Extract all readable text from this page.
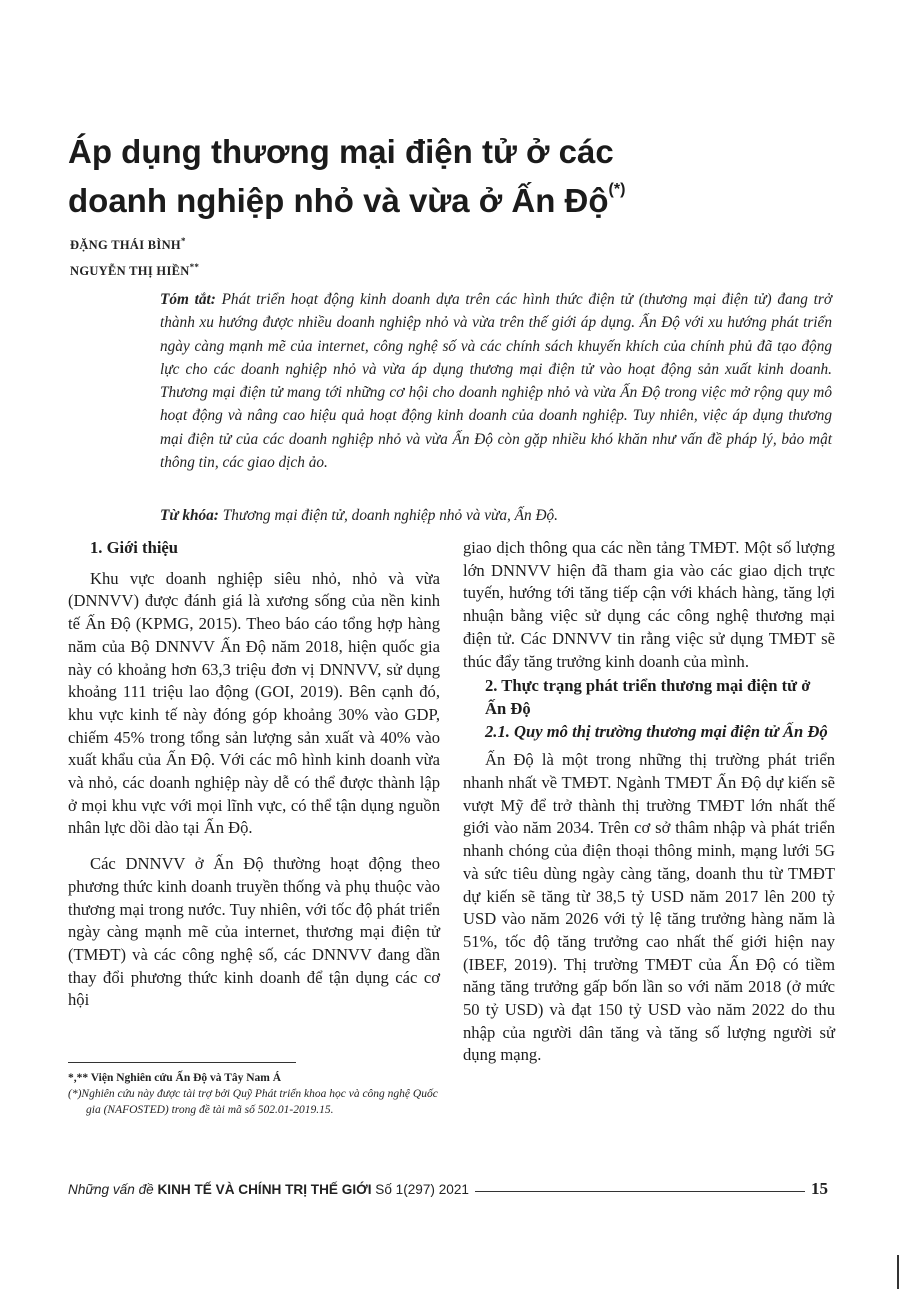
Áp dụng thương mại điện tử ở các
doanh nghiệp nhỏ và vừa ở Ấn Độ(*)
ĐẶNG THÁI BÌNH*
NGUYỄN THỊ HIỀN**
Tóm tắt: Phát triển hoạt động kinh doanh dựa trên các hình thức điện tử (thương mại điện tử) đang trở thành xu hướng được nhiều doanh nghiệp nhỏ và vừa trên thế giới áp dụng. Ấn Độ với xu hướng phát triển ngày càng mạnh mẽ của internet, công nghệ số và các chính sách khuyến khích của chính phủ đã tạo động lực cho các doanh nghiệp nhỏ và vừa áp dụng thương mại điện tử vào hoạt động sản xuất kinh doanh. Thương mại điện tử mang tới những cơ hội cho doanh nghiệp nhỏ và vừa Ấn Độ trong việc mở rộng quy mô hoạt động và nâng cao hiệu quả hoạt động kinh doanh của doanh nghiệp. Tuy nhiên, việc áp dụng thương mại điện tử của các doanh nghiệp nhỏ và vừa Ấn Độ còn gặp nhiều khó khăn như vấn đề pháp lý, bảo mật thông tin, các giao dịch ảo.
Từ khóa: Thương mại điện tử, doanh nghiệp nhỏ và vừa, Ấn Độ.
1. Giới thiệu

Khu vực doanh nghiệp siêu nhỏ, nhỏ và vừa (DNNVV) được đánh giá là xương sống của nền kinh tế Ấn Độ (KPMG, 2015). Theo báo cáo tổng hợp hàng năm của Bộ DNNVV Ấn Độ năm 2018, hiện quốc gia này có khoảng hơn 63,3 triệu đơn vị DNNVV, sử dụng khoảng 111 triệu lao động (GOI, 2019). Bên cạnh đó, khu vực kinh tế này đóng góp khoảng 30% vào GDP, chiếm 45% trong tổng sản lượng sản xuất và 40% vào xuất khẩu của Ấn Độ. Với các mô hình kinh doanh vừa và nhỏ, các doanh nghiệp này dễ có thể được thành lập ở mọi khu vực với mọi lĩnh vực, có thể tận dụng nguồn nhân lực dồi dào tại Ấn Độ.

Các DNNVV ở Ấn Độ thường hoạt động theo phương thức kinh doanh truyền thống và phụ thuộc vào thương mại trong nước. Tuy nhiên, với tốc độ phát triển ngày càng mạnh mẽ của internet, thương mại điện tử (TMĐT) và các công nghệ số, các DNNVV đang dần thay đổi phương thức kinh doanh để tận dụng các cơ hội

giao dịch thông qua các nền tảng TMĐT. Một số lượng lớn DNNVV hiện đã tham gia vào các giao dịch trực tuyến, hướng tới tăng tiếp cận với khách hàng, tăng lợi nhuận bằng việc sử dụng các công nghệ thương mại điện tử. Các DNNVV tin rằng việc sử dụng TMĐT sẽ thúc đẩy tăng trưởng kinh doanh của mình.

2. Thực trạng phát triển thương mại điện tử ở Ấn Độ
2.1. Quy mô thị trường thương mại điện tử Ấn Độ

Ấn Độ là một trong những thị trường phát triển nhanh nhất về TMĐT. Ngành TMĐT Ấn Độ dự kiến sẽ vượt Mỹ để trở thành thị trường TMĐT lớn nhất thế giới vào năm 2034. Trên cơ sở thâm nhập và phát triển nhanh chóng của điện thoại thông minh, mạng lưới 5G và sức tiêu dùng ngày càng tăng, doanh thu từ TMĐT dự kiến sẽ tăng từ 38,5 tỷ USD năm 2017 lên 200 tỷ USD vào năm 2026 với tỷ lệ tăng trưởng hàng năm là 51%, tốc độ tăng trưởng cao nhất thế giới hiện nay (IBEF, 2019). Thị trường TMĐT của Ấn Độ có tiềm năng tăng trưởng gấp bốn lần so với năm 2018 (ở mức 50 tỷ USD) và đạt 150 tỷ USD vào năm 2022 do thu nhập của người dân tăng và tăng số lượng người sử dụng mạng.

*,** Viện Nghiên cứu Ấn Độ và Tây Nam Á
(*)Nghiên cứu này được tài trợ bởi Quỹ Phát triển khoa học và công nghệ Quốc gia (NAFOSTED) trong đề tài mã số 502.01-2019.15.
Những vấn đề KINH TẾ VÀ CHÍNH TRỊ THẾ GIỚI Số 1(297) 2021	15
